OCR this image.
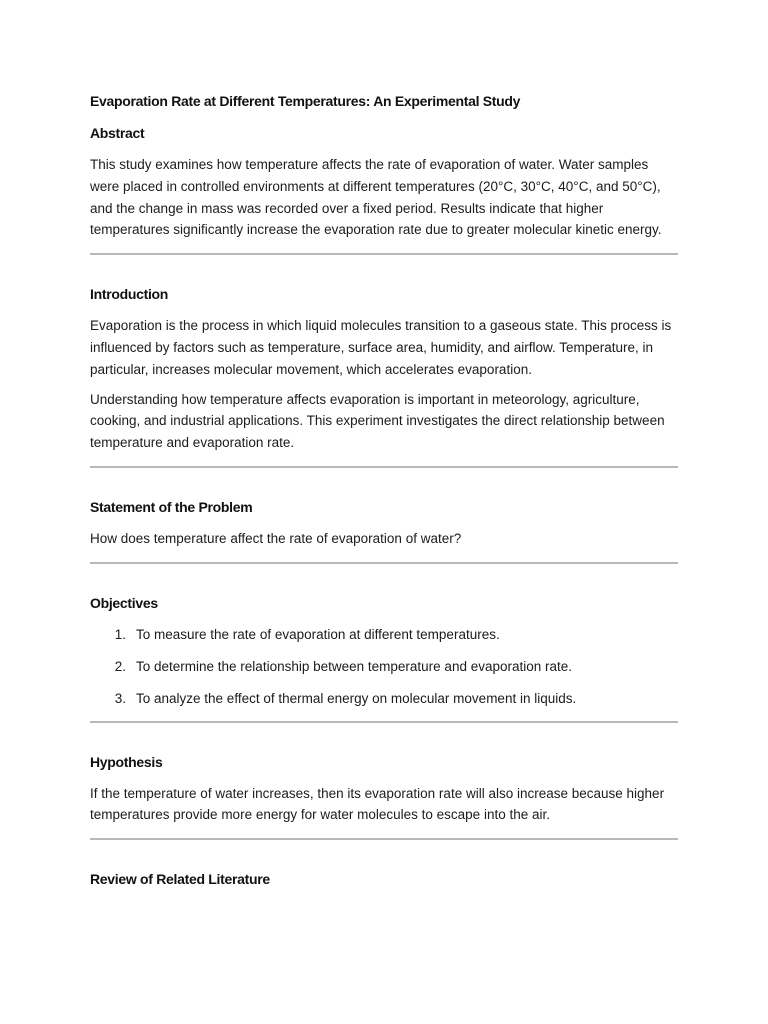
Evaporation Rate at Different Temperatures: An Experimental Study
Abstract

This study examines how temperature affects the rate of evaporation of water. Water samples were placed in controlled environments at different temperatures (20°C, 30°C, 40°C, and 50°C), and the change in mass was recorded over a fixed period. Results indicate that higher temperatures significantly increase the evaporation rate due to greater molecular kinetic energy.

Introduction

Evaporation is the process in which liquid molecules transition to a gaseous state. This process is influenced by factors such as temperature, surface area, humidity, and airflow. Temperature, in particular, increases molecular movement, which accelerates evaporation.

Understanding how temperature affects evaporation is important in meteorology, agriculture, cooking, and industrial applications. This experiment investigates the direct relationship between temperature and evaporation rate.

Statement of the Problem

How does temperature affect the rate of evaporation of water?

Objectives
1. To measure the rate of evaporation at different temperatures.
2. To determine the relationship between temperature and evaporation rate.
3. To analyze the effect of thermal energy on molecular movement in liquids.
Hypothesis

If the temperature of water increases, then its evaporation rate will also increase because higher temperatures provide more energy for water molecules to escape into the air.

Review of Related Literature
